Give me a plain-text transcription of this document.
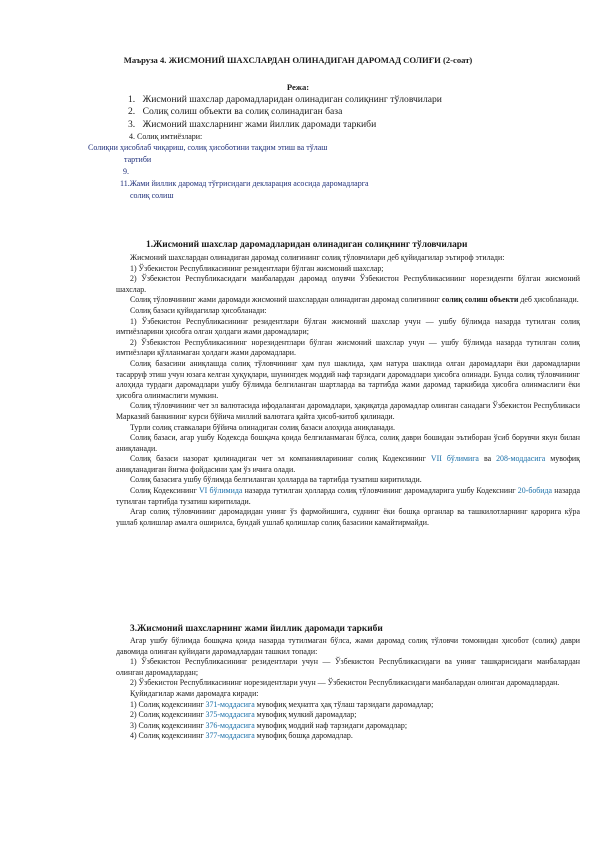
Маъруза 4. ЖИСМОНИЙ ШАХСЛАРДАН ОЛИНАДИГАН ДАРОМАД СОЛИҒИ (2-соат)
Режа:
1. Жисмоний шахслар даромадларидан олинадиган солиқнинг тўловчилари
2. Солиқ солиш объекти ва солиқ солинадиган база
3. Жисмоний шахсларнинг жами йиллик даромади таркиби
4. Солиқ имтиёзлари:
Солиқни ҳисоблаб чиқариш, солиқ ҳисоботини тақдим этиш ва тўлаш
тартиби
9.
11.Жами йиллик даромад тўғрисидаги декларация асосида даромадларга
солиқ солиш
1.Жисмоний шахслар даромадларидан олинадиган солиқнинг тўловчилари

Жисмоний шахслардан олинадиган даромад солиғининг солиқ тўловчилари деб қуйидагилар эътироф этилади:

1) Ўзбекистон Республикасининг резидентлари бўлган жисмоний шахслар;

2) Ўзбекистон Республикасидаги манбалардан даромад олувчи Ўзбекистон Республикасининг норезиденти бўлган жисмоний шахслар.

Солиқ тўловчининг жами даромади жисмоний шахслардан олинадиган даромад солиғининг солиқ солиш объекти деб ҳисобланади.

Солиқ базаси қуйидагилар ҳисобланади:

1) Ўзбекистон Республикасининг резидентлари бўлган жисмоний шахслар учун — ушбу бўлимда назарда тутилган солиқ имтиёзларини ҳисобга олган ҳолдаги жами даромадлари;

2) Ўзбекистон Республикасининг норезидентлари бўлган жисмоний шахслар учун — ушбу бўлимда назарда тутилган солиқ имтиёзлари қўлланмаган ҳолдаги жами даромадлари.

Солиқ базасини аниқлашда солиқ тўловчининг ҳам пул шаклида, ҳам натура шаклида олган даромадлари ёки даромадларни тасарруф этиш учун юзага келган ҳуқуқлари, шунингдек моддий наф тарзидаги даромадлари ҳисобга олинади. Бунда солиқ тўловчининг алоҳида турдаги даромадлари ушбу бўлимда белгиланган шартларда ва тартибда жами даромад таркибида ҳисобга олинмаслиги ёки ҳисобга олинмаслиги мумкин.

Солиқ тўловчининг чет эл валютасида ифодаланган даромадлари, ҳақиқатда даромадлар олинган санадаги Ўзбекистон Республикаси Марказий банкининг курси бўйича миллий валютага қайта ҳисоб-китоб қилинади.

Турли солиқ ставкалари бўйича олинадиган солиқ базаси алоҳида аниқланади.

Солиқ базаси, агар ушбу Кодексда бошқача қоида белгиланмаган бўлса, солиқ даври бошидан эътиборан ўсиб борувчи якун билан аниқланади.

Солиқ базаси назорат қилинадиган чет эл компанияларининг солиқ Кодексининг VII бўлимига ва 208-моддасига мувофиқ аниқланадиган йиғма фойдасини ҳам ўз ичига олади.

Солиқ базасига ушбу бўлимда белгиланган ҳолларда ва тартибда тузатиш киритилади.

Солиқ Кодексининг VI бўлимида назарда тутилган ҳолларда солиқ тўловчининг даромадларига ушбу Кодекснинг 20-бобида назарда тутилган тартибда тузатиш киритилади.

Агар солиқ тўловчининг даромадидан унинг ўз фармойишига, суднинг ёки бошқа органлар ва ташкилотларнинг қарорига кўра ушлаб қолишлар амалга оширилса, бундай ушлаб қолишлар солиқ базасини камайтирмайди.

3.Жисмоний шахсларнинг жами йиллик даромади таркиби

Агар ушбу бўлимда бошқача қоида назарда тутилмаган бўлса, жами даромад солиқ тўловчи томонидан ҳисобот (солиқ) даври давомида олинган қуйидаги даромадлардан ташкил топади:

1) Ўзбекистон Республикасининг резидентлари учун — Ўзбекистон Республикасидаги ва унинг ташқарисидаги манбалардан олинган даромадлардан;

2) Ўзбекистон Республикасининг норезидентлари учун — Ўзбекистон Республикасидаги манбалардан олинган даромадлардан.

Қуйидагилар жами даромадга киради:

1) Солиқ кодексининг 371-моддасига мувофиқ меҳнатга ҳақ тўлаш тарзидаги даромадлар;

2) Солиқ кодексининг 375-моддасига мувофиқ мулкий даромадлар;

3) Солиқ кодексининг 376-моддасига мувофиқ моддий наф тарзидаги даромадлар;

4) Солиқ кодексининг 377-моддасига мувофиқ бошқа даромадлар.
